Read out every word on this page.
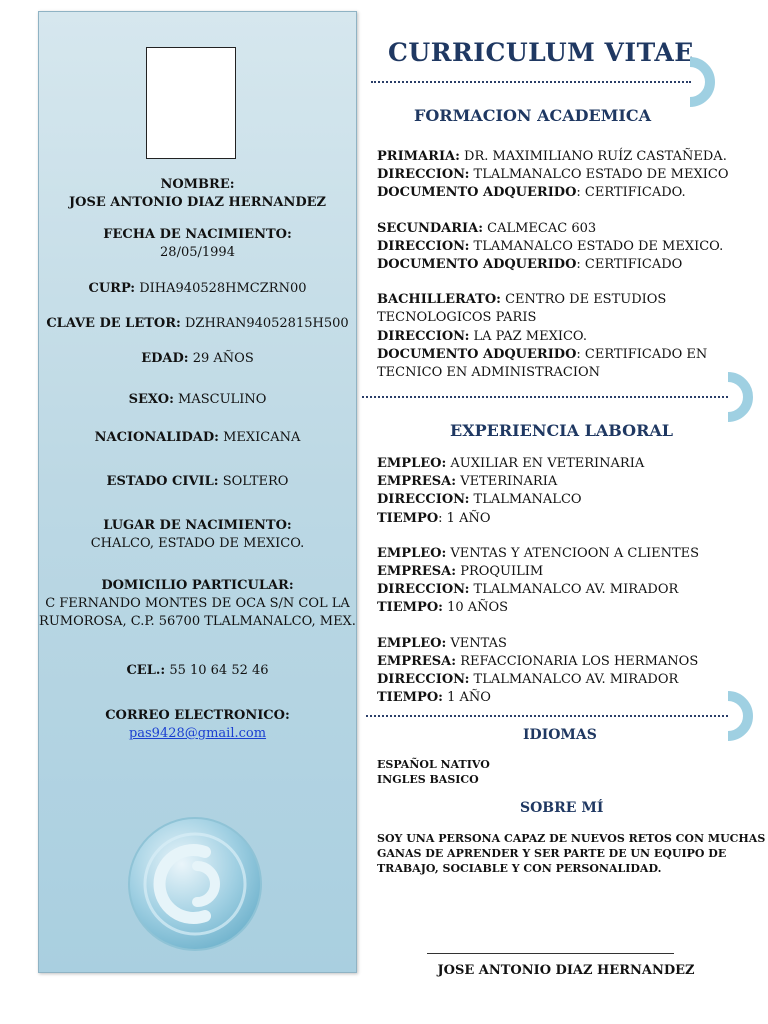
NOMBRE:
JOSE ANTONIO DIAZ HERNANDEZ
FECHA DE NACIMIENTO:
28/05/1994
CURP: DIHA940528HMCZRN00
CLAVE DE LETOR: DZHRAN94052815H500
EDAD: 29 AÑOS
SEXO: MASCULINO
NACIONALIDAD: MEXICANA
ESTADO CIVIL: SOLTERO
LUGAR DE NACIMIENTO:
CHALCO, ESTADO DE MEXICO.
DOMICILIO PARTICULAR:
C FERNANDO MONTES DE OCA S/N COL LA
RUMOROSA, C.P. 56700 TLALMANALCO, MEX.
CEL.: 55 10 64 52 46
CORREO ELECTRONICO:
pas9428@gmail.com
CURRICULUM VITAE
FORMACION ACADEMICA
PRIMARIA: DR. MAXIMILIANO RUÍZ CASTAÑEDA.
DIRECCION: TLALMANALCO ESTADO DE MEXICO
DOCUMENTO ADQUERIDO: CERTIFICADO.
SECUNDARIA: CALMECAC 603
DIRECCION: TLAMANALCO ESTADO DE MEXICO.
DOCUMENTO ADQUERIDO: CERTIFICADO
BACHILLERATO: CENTRO DE ESTUDIOS
TECNOLOGICOS PARIS
DIRECCION: LA PAZ MEXICO.
DOCUMENTO ADQUERIDO: CERTIFICADO EN
TECNICO EN ADMINISTRACION
EXPERIENCIA LABORAL
EMPLEO: AUXILIAR EN VETERINARIA
EMPRESA: VETERINARIA
DIRECCION: TLALMANALCO
TIEMPO: 1 AÑO
EMPLEO: VENTAS Y ATENCIOON A CLIENTES
EMPRESA: PROQUILIM
DIRECCION: TLALMANALCO AV. MIRADOR
TIEMPO: 10 AÑOS
EMPLEO: VENTAS
EMPRESA: REFACCIONARIA LOS HERMANOS
DIRECCION: TLALMANALCO AV. MIRADOR
TIEMPO: 1 AÑO
IDIOMAS
ESPAÑOL NATIVO
INGLES BASICO
SOBRE MÍ
SOY UNA PERSONA CAPAZ DE NUEVOS RETOS CON MUCHAS
GANAS DE APRENDER Y SER PARTE DE UN EQUIPO DE
TRABAJO, SOCIABLE Y CON PERSONALIDAD.
JOSE ANTONIO DIAZ HERNANDEZ
